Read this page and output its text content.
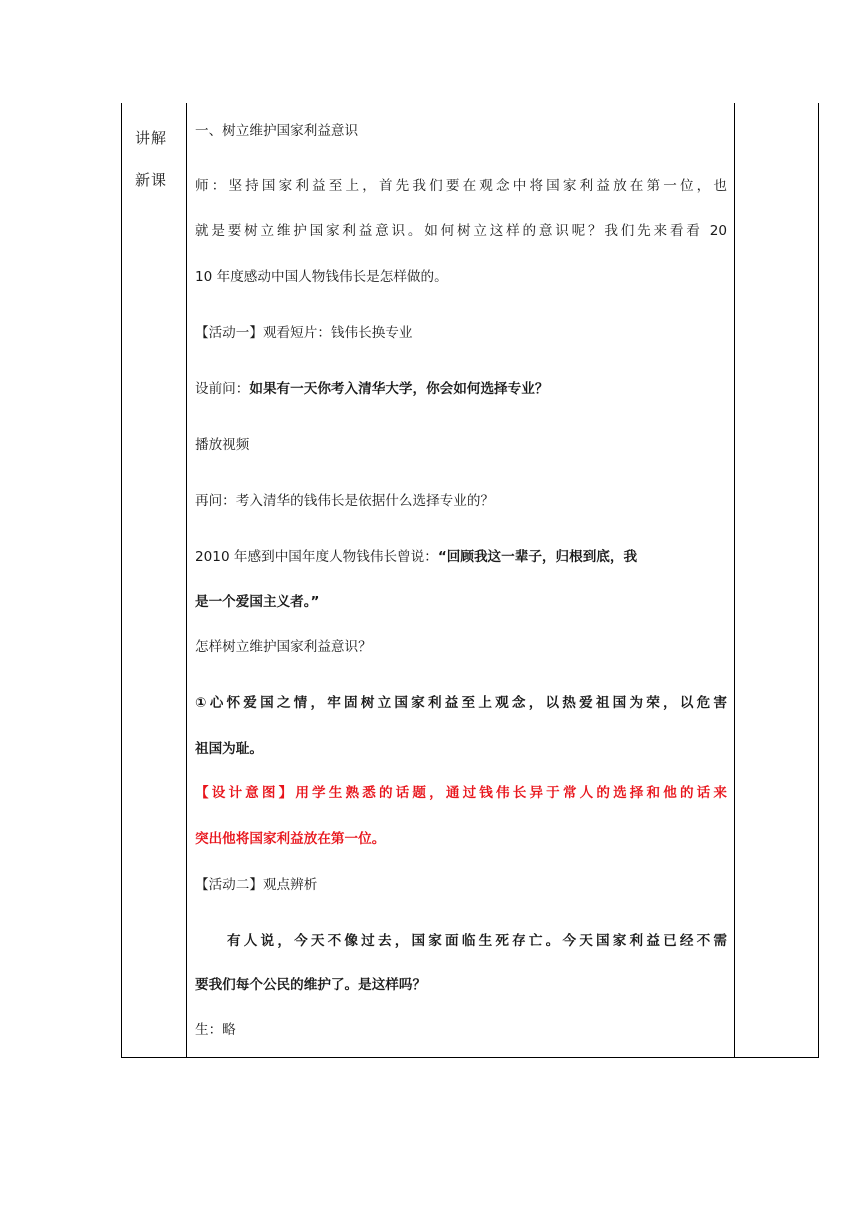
讲解
新课
一、树立维护国家利益意识
师：坚持国家利益至上，首先我们要在观念中将国家利益放在第一位，也
就是要树立维护国家利益意识。如何树立这样的意识呢？我们先来看看 20
10 年度感动中国人物钱伟长是怎样做的。
【活动一】观看短片：钱伟长换专业
设前问：如果有一天你考入清华大学，你会如何选择专业？
播放视频
再问：考入清华的钱伟长是依据什么选择专业的？
2010 年感到中国年度人物钱伟长曾说：“回顾我这一辈子，归根到底，我
是一个爱国主义者。”
怎样树立维护国家利益意识？
①心怀爱国之情，牢固树立国家利益至上观念，以热爱祖国为荣，以危害
祖国为耻。
【设计意图】用学生熟悉的话题，通过钱伟长异于常人的选择和他的话来
突出他将国家利益放在第一位。
【活动二】观点辨析
有人说，今天不像过去，国家面临生死存亡。今天国家利益已经不需
要我们每个公民的维护了。是这样吗？
生：略
